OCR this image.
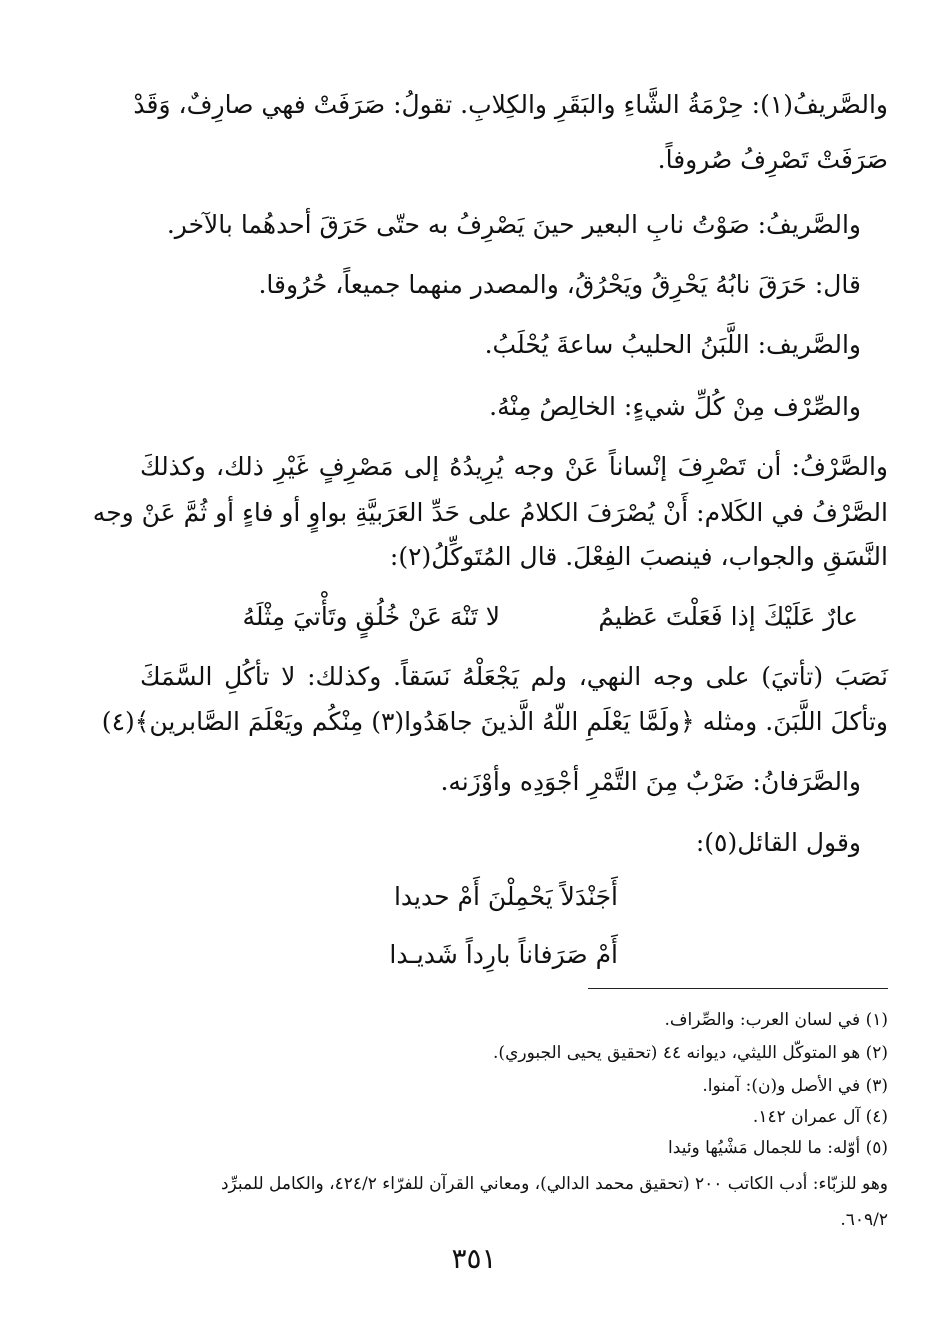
والصَّريفُ(١): حِرْمَةُ الشَّاءِ والبَقَرِ والكِلابِ. تقولُ: صَرَفَتْ فهي صارِفٌ، وَقَدْ
صَرَفَتْ تَصْرِفُ صُروفاً.
والصَّريفُ: صَوْتُ نابِ البعير حينَ يَصْرِفُ به حتّى حَرَقَ أحدهُما بالآخر.
قال: حَرَقَ نابُهُ يَحْرِقُ ويَحْرُقُ، والمصدر منهما جميعاً، حُرُوقا.
والصَّريف: اللَّبَنُ الحليبُ ساعةَ يُحْلَبُ.
والصِّرْف مِنْ كُلِّ شيءٍ: الخالِصُ مِنْهُ.
والصَّرْفُ: أن تَصْرِفَ إنْساناً عَنْ وجه يُرِيدُهُ إلى مَصْرِفٍ غَيْرِ ذلك، وكذلكَ
الصَّرْفُ في الكَلام: أَنْ يُصْرَفَ الكلامُ على حَدِّ العَرَبيَّةِ بواوٍ أو فاءٍ أو ثُمَّ عَنْ وجه
النَّسَقِ والجواب، فينصبَ الفِعْلَ. قال المُتَوكِّلُ(٢):
عارٌ عَلَيْكَ إذا فَعَلْتَ عَظيمُ
لا تَنْهَ عَنْ خُلُقٍ وتَأْتيَ مِثْلَهُ
نَصَبَ (تأتيَ) على وجه النهي، ولم يَجْعَلْهُ نَسَقاً. وكذلك: لا تأكُلِ السَّمَكَ
وتأكلَ اللَّبَنَ. ومثله ﴿ولَمَّا يَعْلَمِ اللّهُ الَّذينَ جاهَدُوا(٣) مِنْكُم ويَعْلَمَ الصَّابرين﴾(٤)
والصَّرَفانُ: ضَرْبٌ مِنَ التَّمْرِ أجْوَدِه وأوْزَنه.
وقول القائل(٥):
أَجَنْدَلاً يَحْمِلْنَ أَمْ حديدا
أَمْ صَرَفاناً بارِداً شَديـدا
(١) في لسان العرب: والصِّراف.
(٢) هو المتوكّل الليثي، ديوانه ٤٤ (تحقيق يحيى الجبوري).
(٣) في الأصل و(ن): آمنوا.
(٤) آل عمران ١٤٢.
(٥) أوّله: ما للجمال مَشْيُها وئيدا
وهو للزبّاء: أدب الكاتب ٢٠٠ (تحقيق محمد الدالي)، ومعاني القرآن للفرّاء ٤٢٤/٢، والكامل للمبرِّد
٦٠٩/٢.
٣٥١
